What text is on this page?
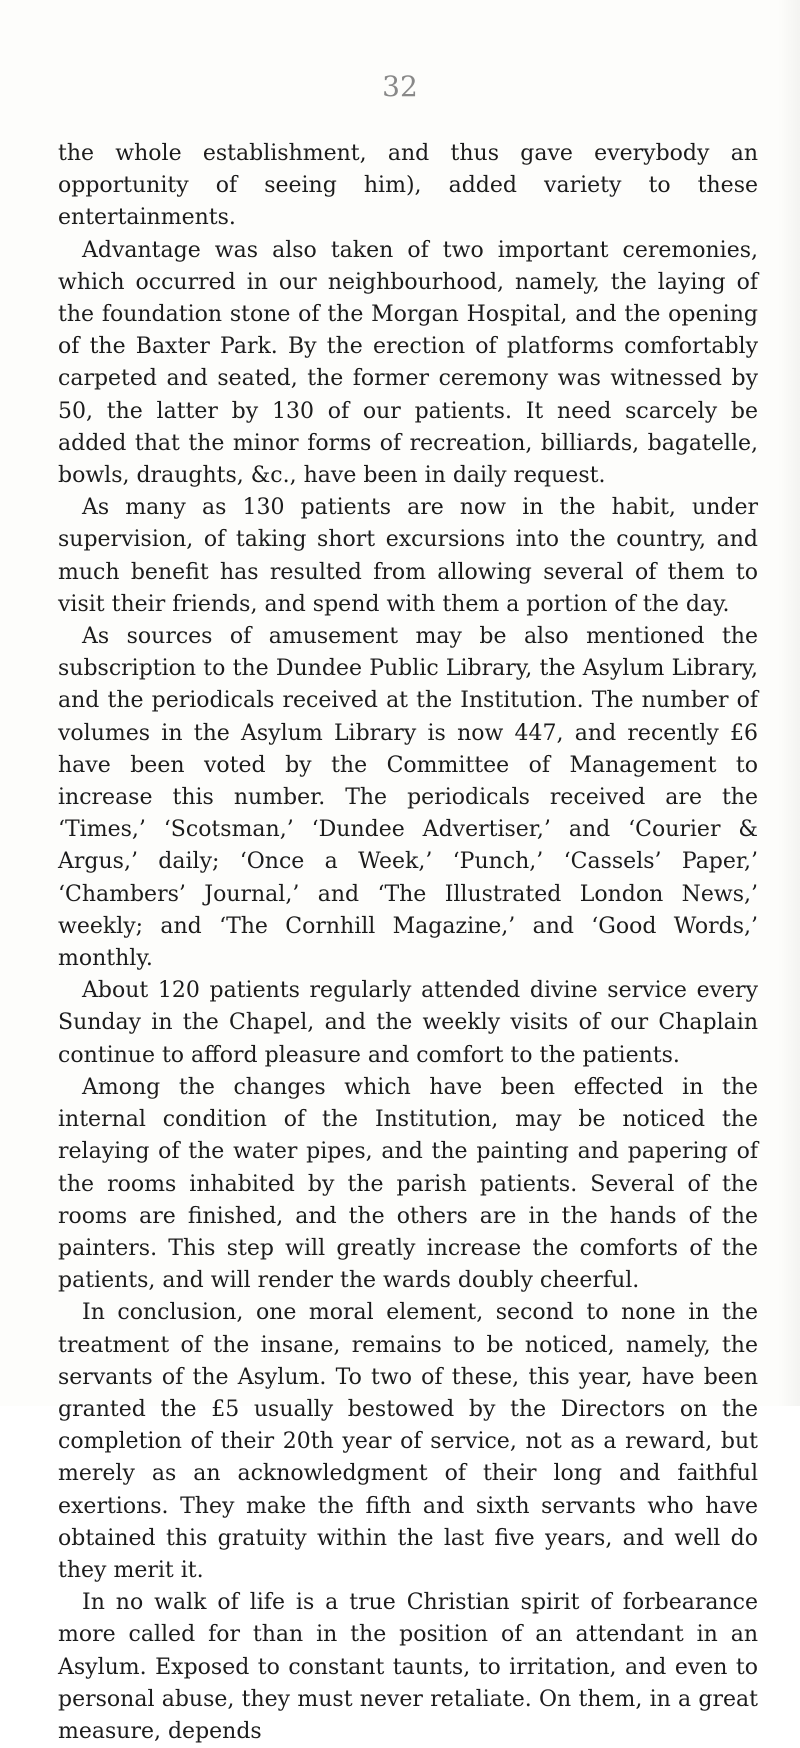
32

the whole establishment, and thus gave everybody an opportunity of seeing him), added variety to these entertainments.

Advantage was also taken of two important ceremonies, which occurred in our neighbourhood, namely, the laying of the foundation stone of the Morgan Hospital, and the opening of the Baxter Park. By the erection of platforms comfortably carpeted and seated, the former ceremony was witnessed by 50, the latter by 130 of our patients. It need scarcely be added that the minor forms of recreation, billiards, bagatelle, bowls, draughts, &c., have been in daily request.

As many as 130 patients are now in the habit, under supervision, of taking short excursions into the country, and much benefit has resulted from allowing several of them to visit their friends, and spend with them a portion of the day.

As sources of amusement may be also mentioned the subscription to the Dundee Public Library, the Asylum Library, and the periodicals received at the Institution. The number of volumes in the Asylum Library is now 447, and recently £6 have been voted by the Committee of Management to increase this number. The periodicals received are the ‘Times,’ ‘Scotsman,’ ‘Dundee Advertiser,’ and ‘Courier & Argus,’ daily; ‘Once a Week,’ ‘Punch,’ ‘Cassels’ Paper,’ ‘Chambers’ Journal,’ and ‘The Illustrated London News,’ weekly; and ‘The Cornhill Magazine,’ and ‘Good Words,’ monthly.

About 120 patients regularly attended divine service every Sunday in the Chapel, and the weekly visits of our Chaplain continue to afford pleasure and comfort to the patients.

Among the changes which have been effected in the internal condition of the Institution, may be noticed the relaying of the water pipes, and the painting and papering of the rooms inhabited by the parish patients. Several of the rooms are finished, and the others are in the hands of the painters. This step will greatly increase the comforts of the patients, and will render the wards doubly cheerful.

In conclusion, one moral element, second to none in the treatment of the insane, remains to be noticed, namely, the servants of the Asylum. To two of these, this year, have been granted the £5 usually bestowed by the Directors on the completion of their 20th year of service, not as a reward, but merely as an acknowledgment of their long and faithful exertions. They make the fifth and sixth servants who have obtained this gratuity within the last five years, and well do they merit it.

In no walk of life is a true Christian spirit of forbearance more called for than in the position of an attendant in an Asylum. Exposed to constant taunts, to irritation, and even to personal abuse, they must never retaliate. On them, in a great measure, depends
